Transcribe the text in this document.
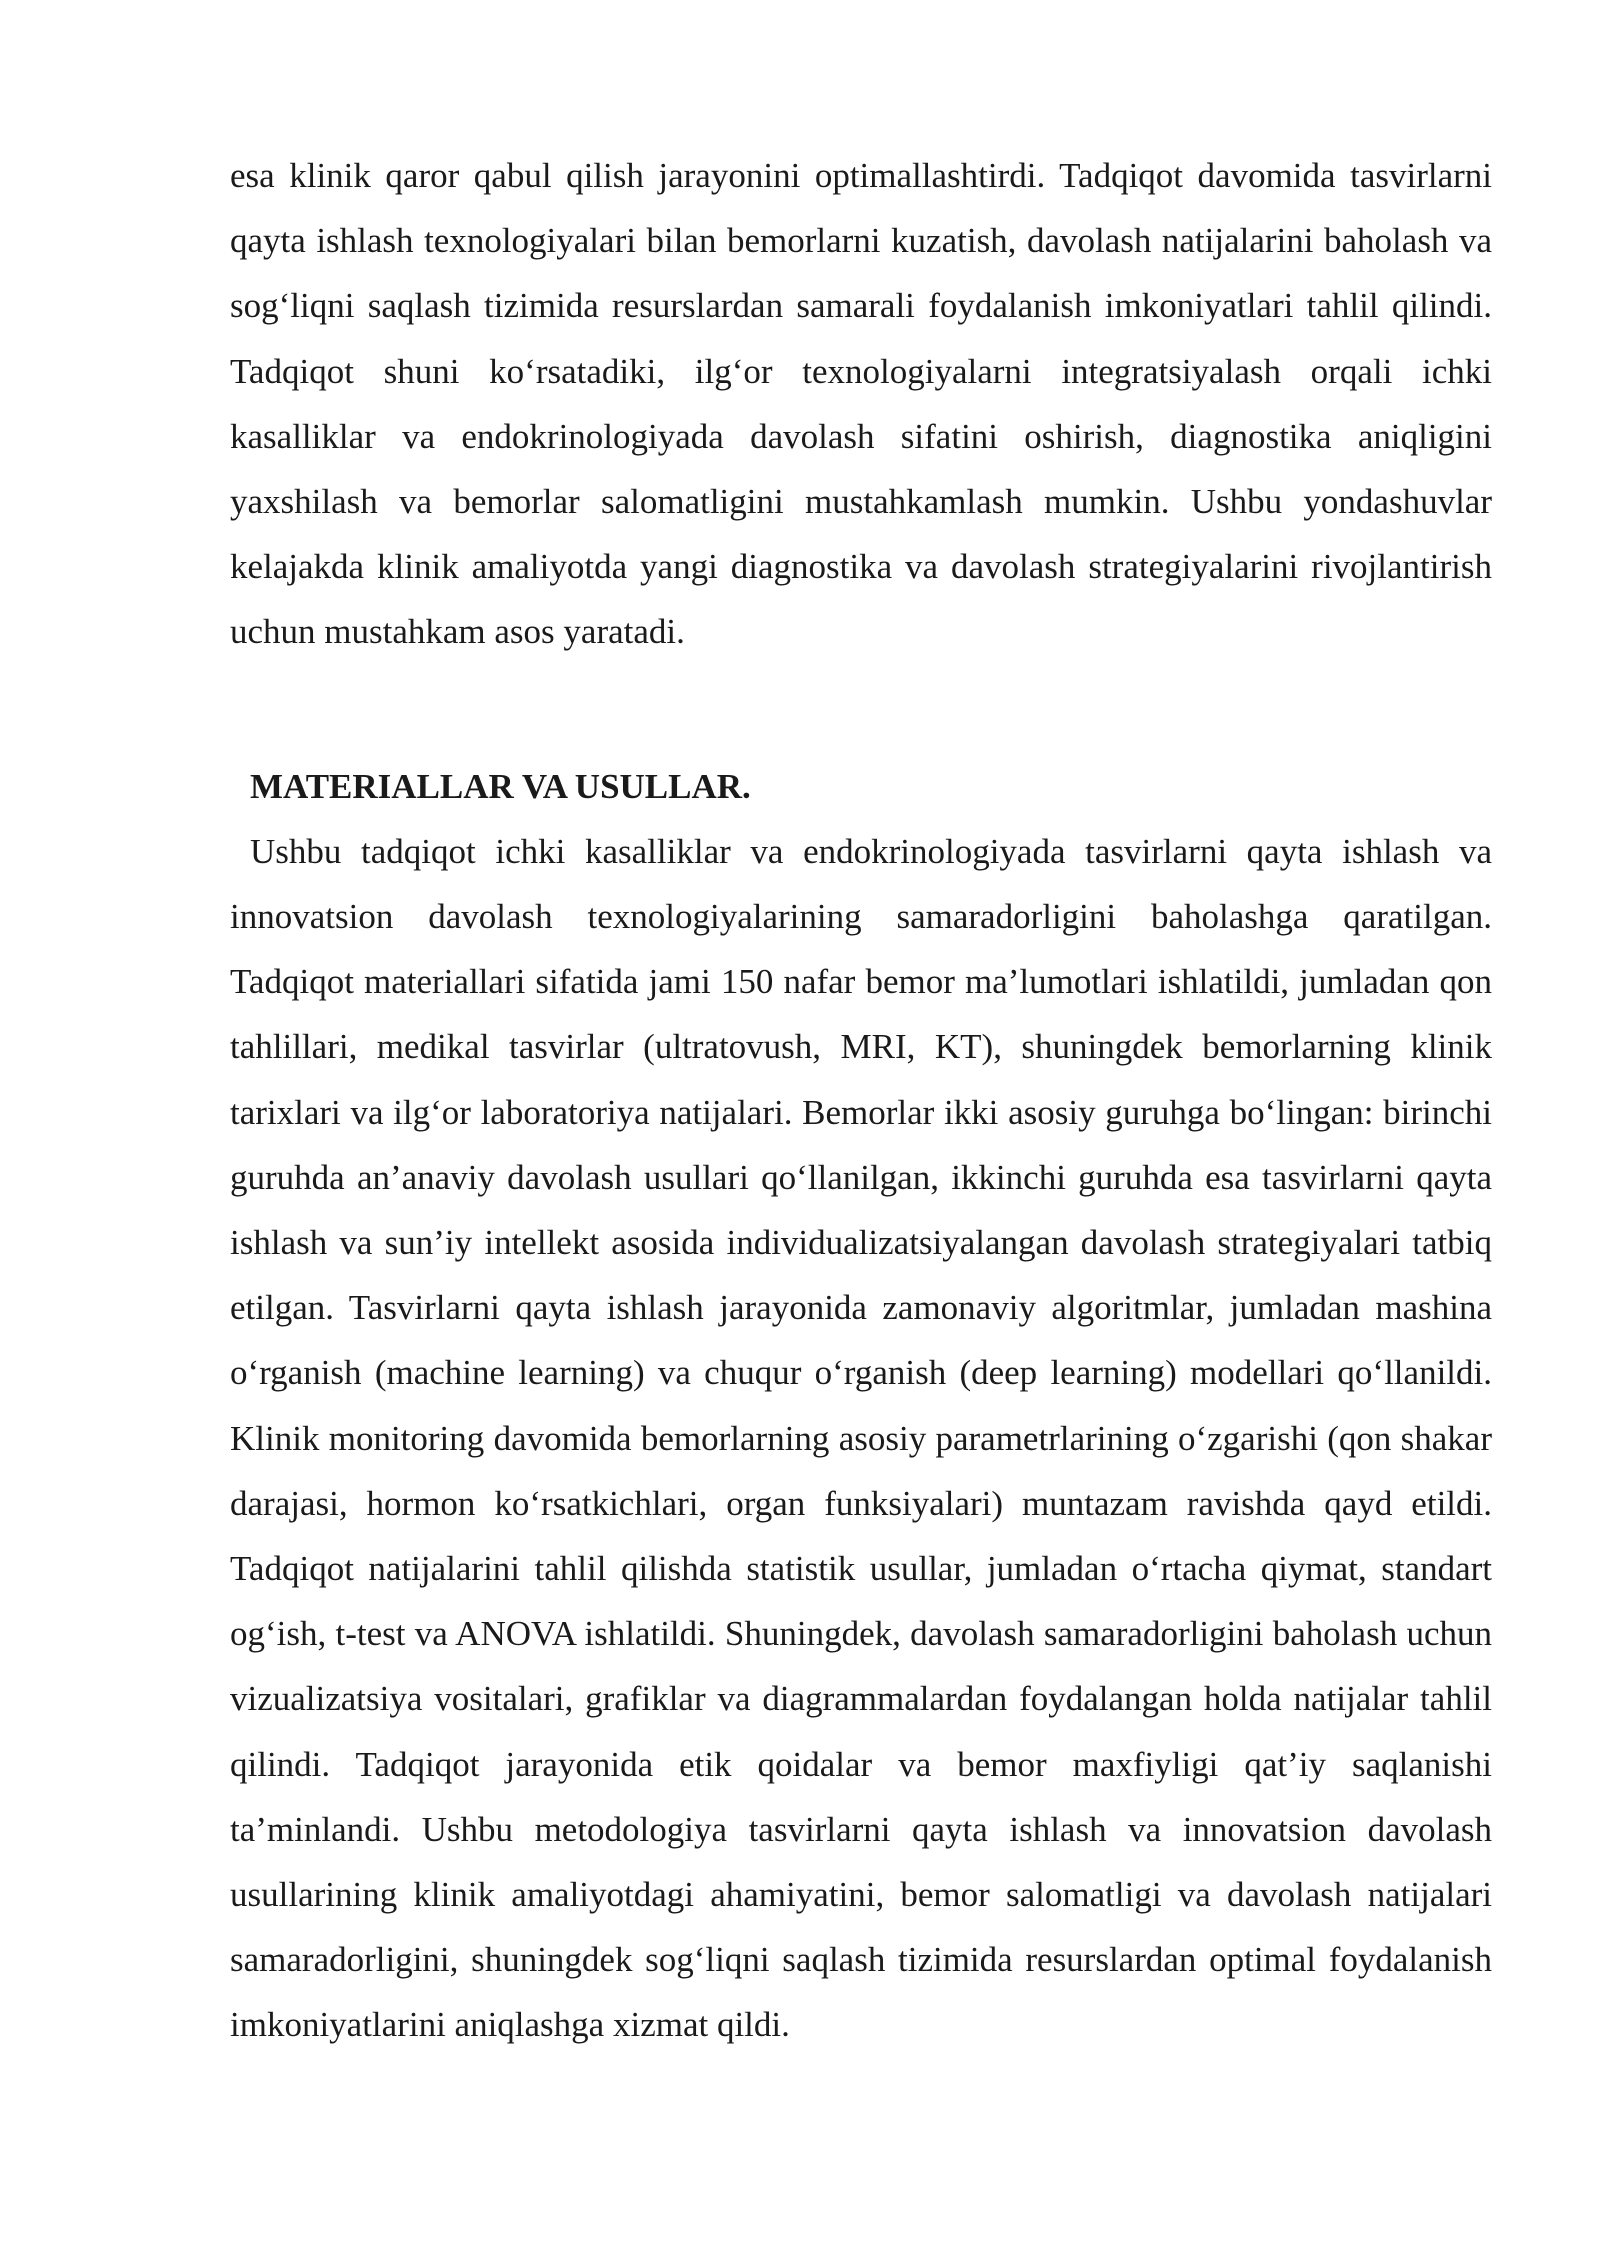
esa klinik qaror qabul qilish jarayonini optimallashtirdi. Tadqiqot davomida tasvirlarni qayta ishlash texnologiyalari bilan bemorlarni kuzatish, davolash natijalarini baholash va sog‘liqni saqlash tizimida resurslardan samarali foydalanish imkoniyatlari tahlil qilindi. Tadqiqot shuni ko‘rsatadiki, ilg‘or texnologiyalarni integratsiyalash orqali ichki kasalliklar va endokrinologiyada davolash sifatini oshirish, diagnostika aniqligini yaxshilash va bemorlar salomatligini mustahkamlash mumkin. Ushbu yondashuvlar kelajakda klinik amaliyotda yangi diagnostika va davolash strategiyalarini rivojlantirish uchun mustahkam asos yaratadi.

MATERIALLAR VA USULLAR.

Ushbu tadqiqot ichki kasalliklar va endokrinologiyada tasvirlarni qayta ishlash va innovatsion davolash texnologiyalarining samaradorligini baholashga qaratilgan. Tadqiqot materiallari sifatida jami 150 nafar bemor ma’lumotlari ishlatildi, jumladan qon tahlillari, medikal tasvirlar (ultratovush, MRI, KT), shuningdek bemorlarning klinik tarixlari va ilg‘or laboratoriya natijalari. Bemorlar ikki asosiy guruhga bo‘lingan: birinchi guruhda an’anaviy davolash usullari qo‘llanilgan, ikkinchi guruhda esa tasvirlarni qayta ishlash va sun’iy intellekt asosida individualizatsiyalangan davolash strategiyalari tatbiq etilgan. Tasvirlarni qayta ishlash jarayonida zamonaviy algoritmlar, jumladan mashina o‘rganish (machine learning) va chuqur o‘rganish (deep learning) modellari qo‘llanildi. Klinik monitoring davomida bemorlarning asosiy parametrlarining o‘zgarishi (qon shakar darajasi, hormon ko‘rsatkichlari, organ funksiyalari) muntazam ravishda qayd etildi. Tadqiqot natijalarini tahlil qilishda statistik usullar, jumladan o‘rtacha qiymat, standart og‘ish, t-test va ANOVA ishlatildi. Shuningdek, davolash samaradorligini baholash uchun vizualizatsiya vositalari, grafiklar va diagrammalardan foydalangan holda natijalar tahlil qilindi. Tadqiqot jarayonida etik qoidalar va bemor maxfiyligi qat’iy saqlanishi ta’minlandi. Ushbu metodologiya tasvirlarni qayta ishlash va innovatsion davolash usullarining klinik amaliyotdagi ahamiyatini, bemor salomatligi va davolash natijalari samaradorligini, shuningdek sog‘liqni saqlash tizimida resurslardan optimal foydalanish imkoniyatlarini aniqlashga xizmat qildi.
